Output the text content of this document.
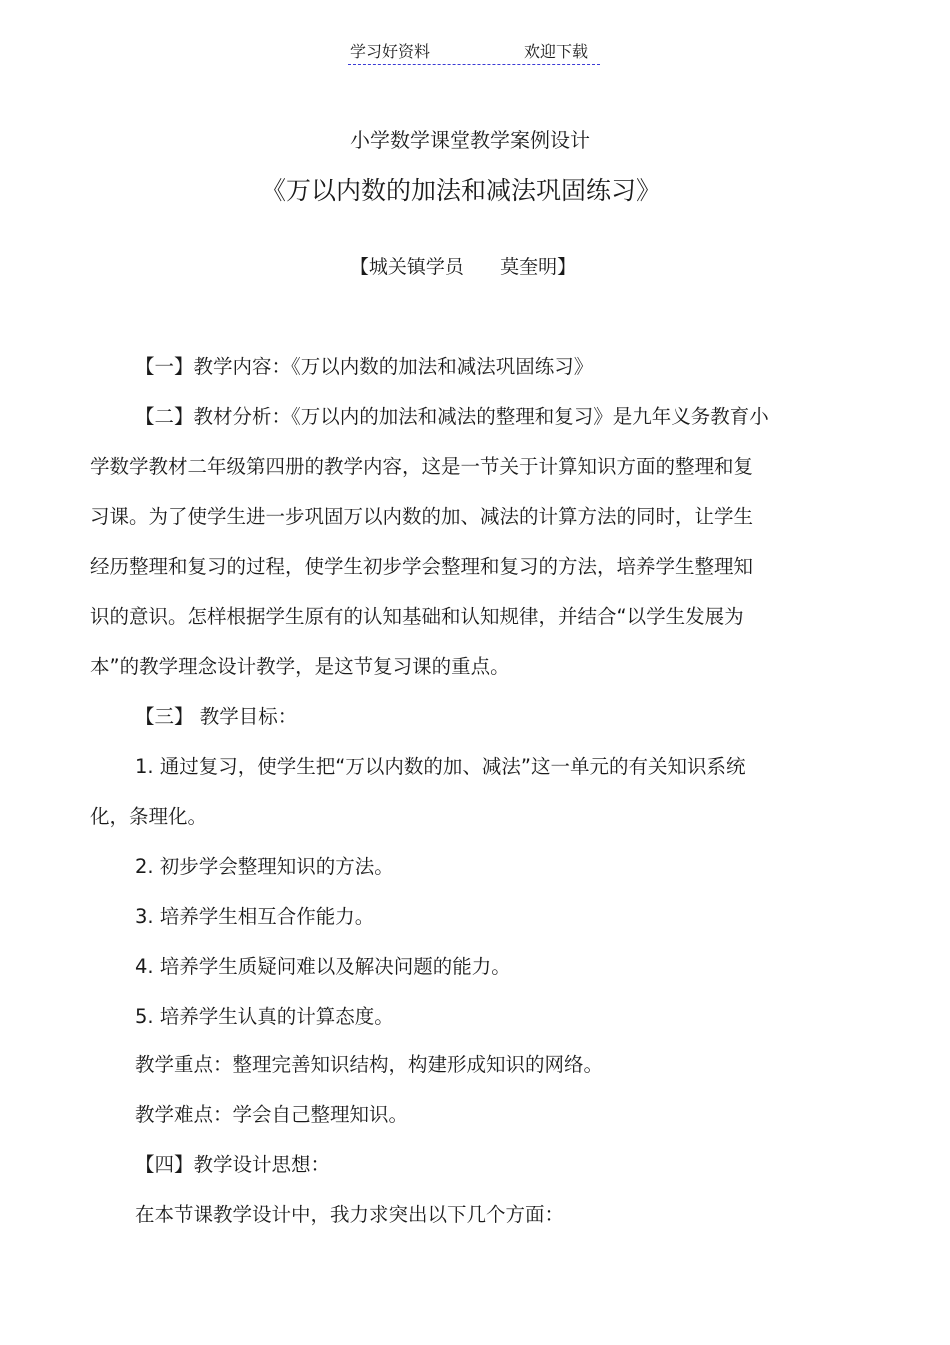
学习好资料	欢迎下载
小学数学课堂教学案例设计
《万以内数的加法和减法巩固练习》
【城关镇学员      莫奎明】
【一】教学内容：《万以内数的加法和减法巩固练习》
【二】教材分析：《万以内的加法和减法的整理和复习》是九年义务教育小
学数学教材二年级第四册的教学内容，这是一节关于计算知识方面的整理和复
习课。为了使学生进一步巩固万以内数的加、减法的计算方法的同时，让学生
经历整理和复习的过程，使学生初步学会整理和复习的方法，培养学生整理知
识的意识。怎样根据学生原有的认知基础和认知规律，并结合“以学生发展为
本”的教学理念设计教学，是这节复习课的重点。
【三】 教学目标：
1. 通过复习，使学生把“万以内数的加、减法”这一单元的有关知识系统
化，条理化。
2. 初步学会整理知识的方法。
3. 培养学生相互合作能力。
4. 培养学生质疑问难以及解决问题的能力。
5. 培养学生认真的计算态度。
教学重点：整理完善知识结构，构建形成知识的网络。
教学难点：学会自己整理知识。
【四】教学设计思想：
在本节课教学设计中，我力求突出以下几个方面：
